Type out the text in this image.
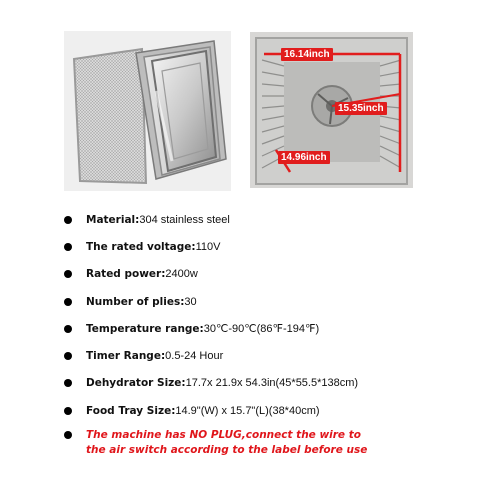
16.14inch
15.35inch
14.96inch
Material:304 stainless steel
The rated voltage:110V
Rated power:2400w
Number of plies:30
Temperature range:30℃-90℃(86℉-194℉)
Timer Range:0.5-24 Hour
Dehydrator Size:17.7x 21.9x 54.3in(45*55.5*138cm)
Food Tray Size:14.9"(W) x 15.7"(L)(38*40cm)
The machine has NO PLUG,connect the wire to
the air switch according to the label before use
